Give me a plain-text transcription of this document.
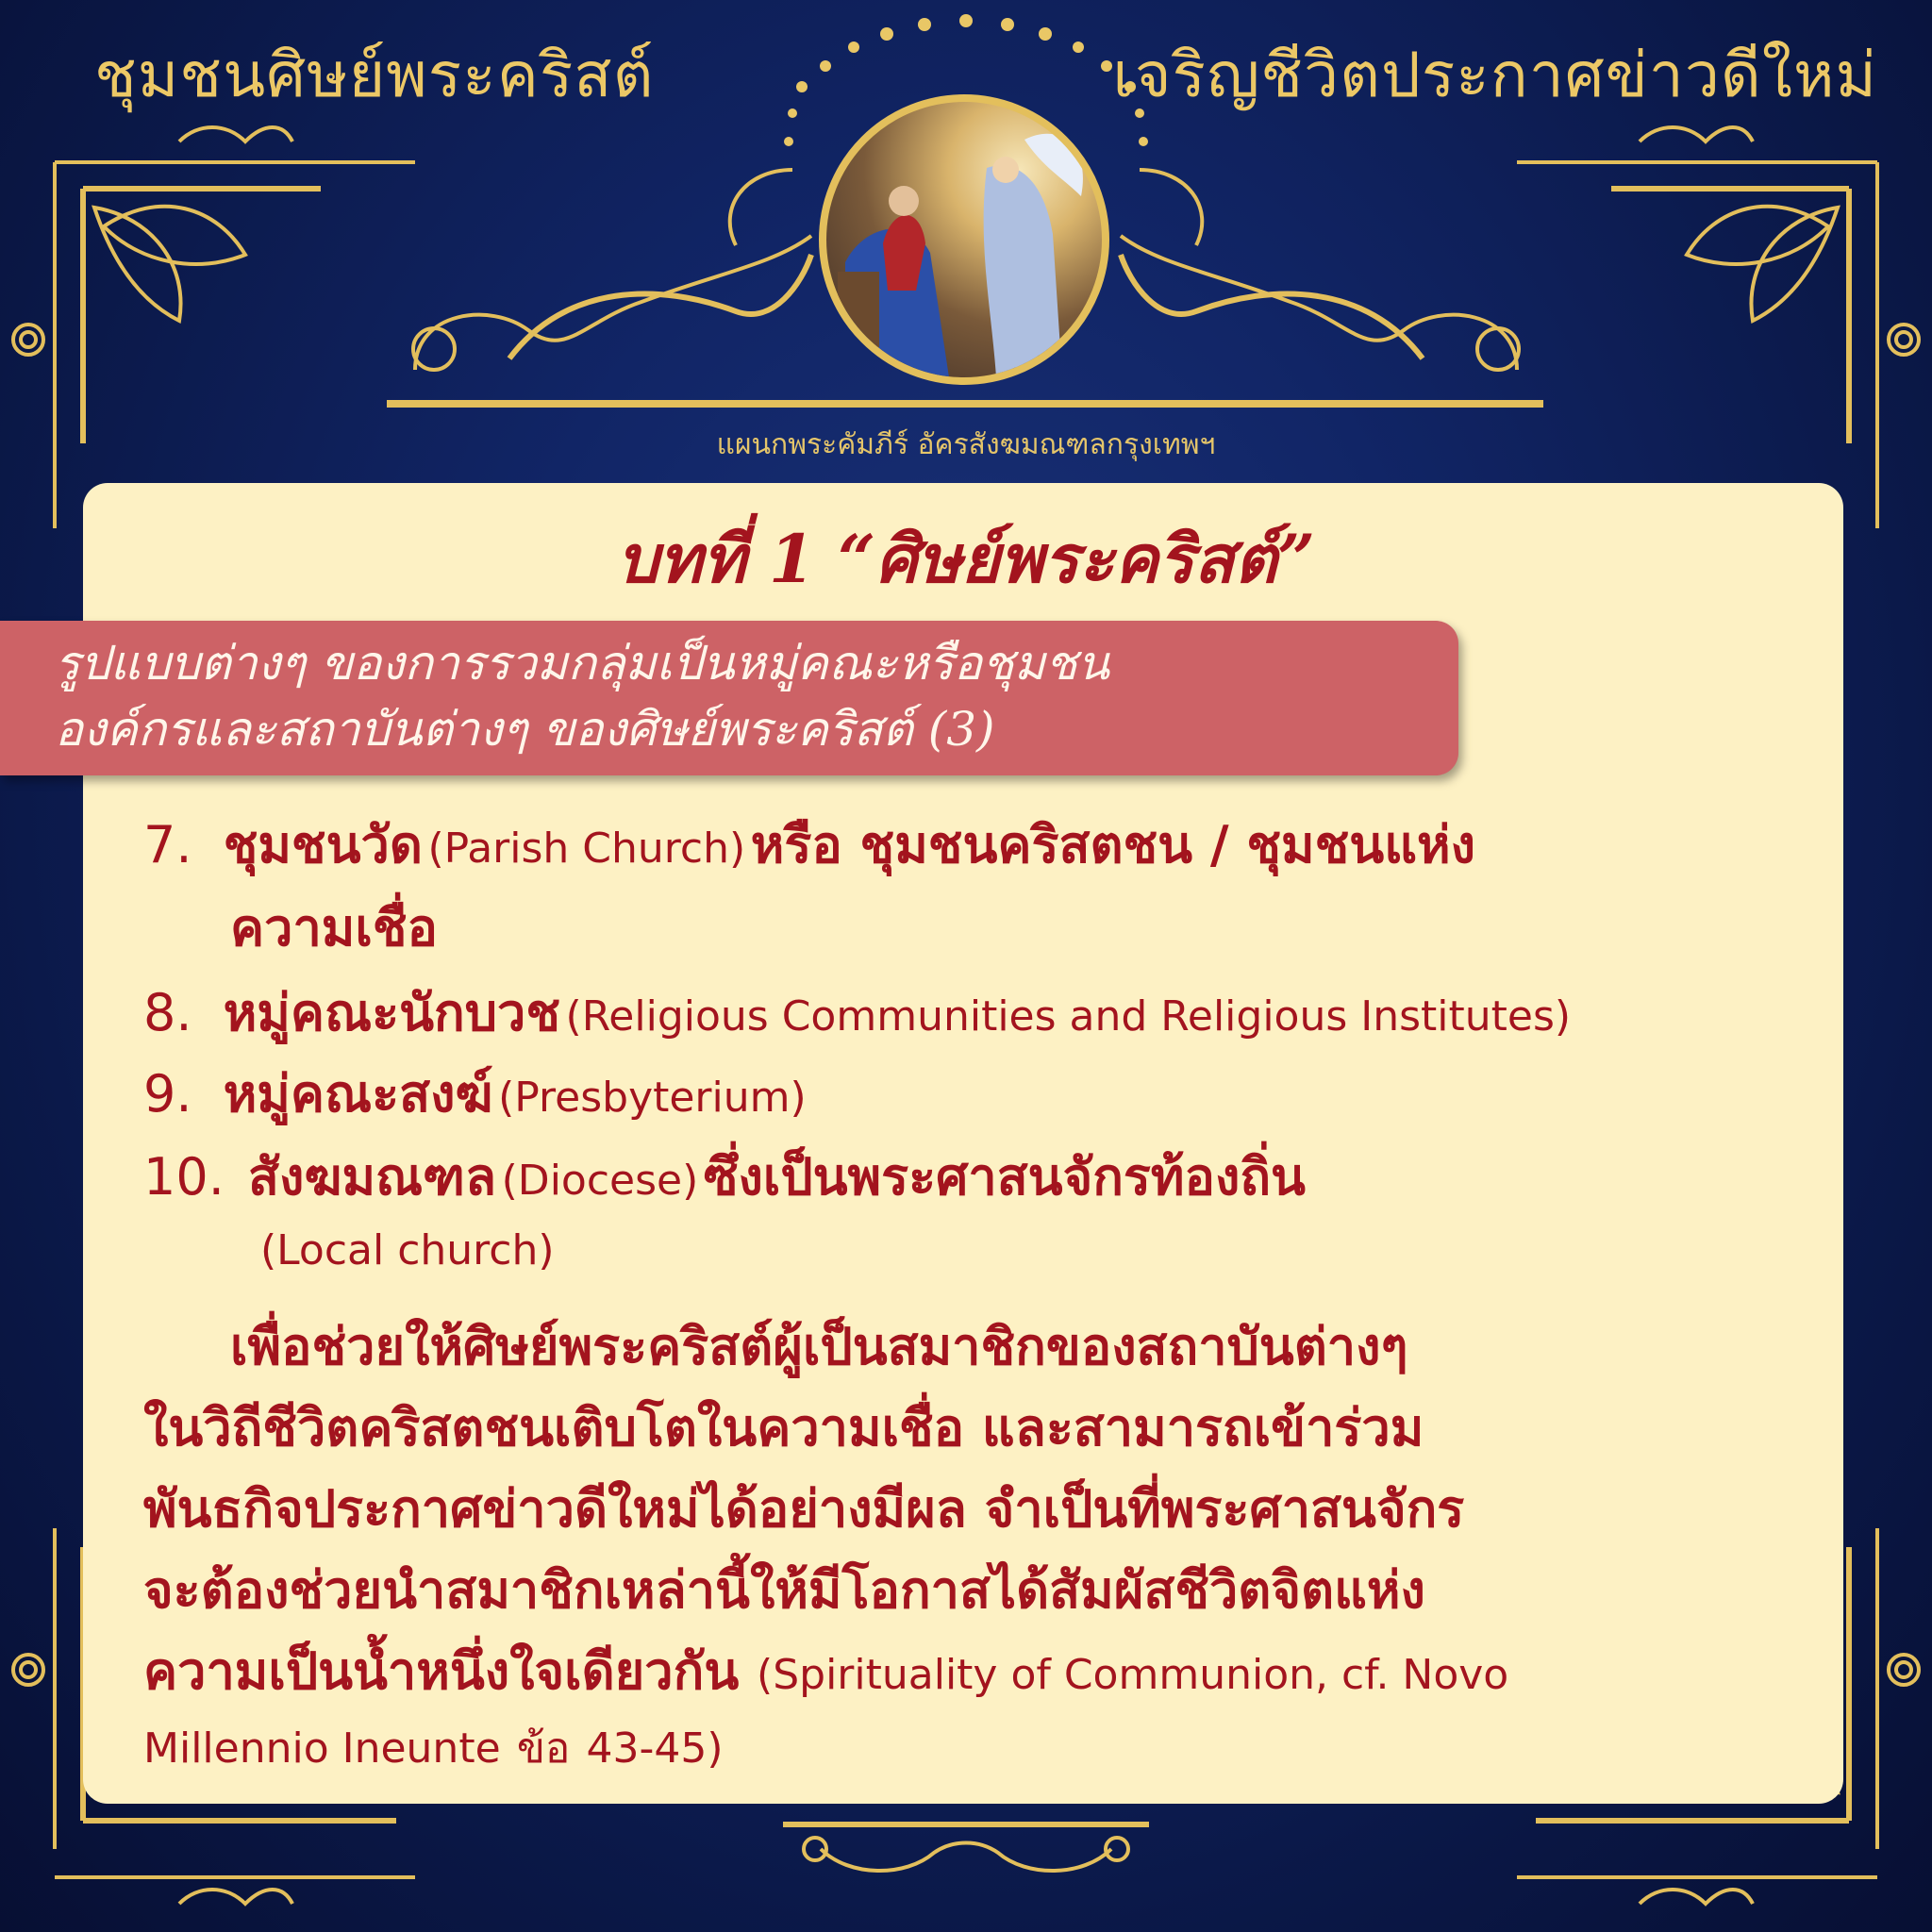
ชุมชนศิษย์พระคริสต์	เจริญชีวิตประกาศข่าวดีใหม่
แผนกพระคัมภีร์ อัครสังฆมณฑลกรุงเทพฯ
บทที่ 1 “ศิษย์พระคริสต์”
รูปแบบต่างๆ ของการรวมกลุ่มเป็นหมู่คณะหรือชุมชน
องค์กรและสถาบันต่างๆ ของศิษย์พระคริสต์ (3)
7. ชุมชนวัด (Parish Church) หรือ ชุมชนคริสตชน / ชุมชนแห่ง
ความเชื่อ
8. หมู่คณะนักบวช (Religious Communities and Religious Institutes)
9. หมู่คณะสงฆ์ (Presbyterium)
10. สังฆมณฑล (Diocese) ซึ่งเป็นพระศาสนจักรท้องถิ่น
(Local church)
เพื่อช่วยให้ศิษย์พระคริสต์ผู้เป็นสมาชิกของสถาบันต่างๆ
ในวิถีชีวิตคริสตชนเติบโตในความเชื่อ และสามารถเข้าร่วม
พันธกิจประกาศข่าวดีใหม่ได้อย่างมีผล จำเป็นที่พระศาสนจักร
จะต้องช่วยนำสมาชิกเหล่านี้ให้มีโอกาสได้สัมผัสชีวิตจิตแห่ง
ความเป็นน้ำหนึ่งใจเดียวกัน (Spirituality of Communion, cf. Novo
Millennio Ineunte ข้อ 43-45)
